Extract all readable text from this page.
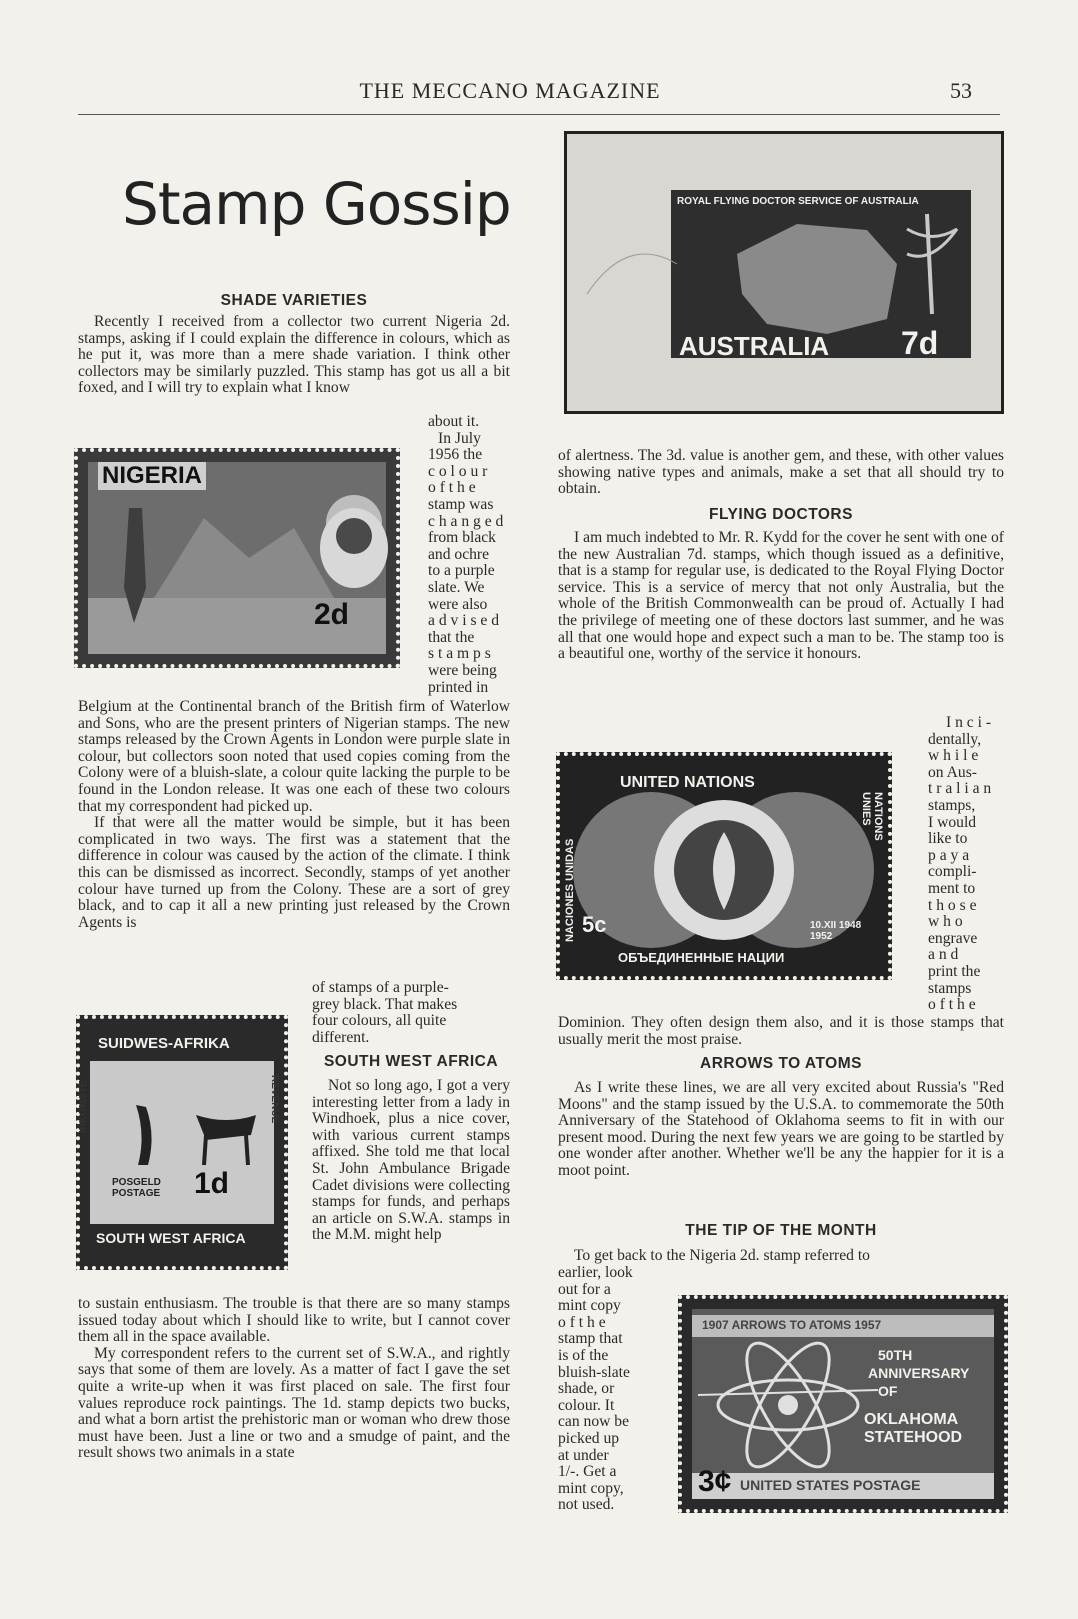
THE MECCANO MAGAZINE	53
Stamp Gossip
SHADE VARIETIES

Recently I received from a collector two current Nigeria 2d. stamps, asking if I could explain the difference in colours, which as he put it, was more than a mere shade variation. I think other collectors may be similarly puzzled. This stamp has got us all a bit foxed, and I will try to explain what I know

about it.
In July
1956 the
c o l o u r
o f t h e
stamp was
c h a n g e d
from black
and ochre
to a purple
slate. We
were also
a d v i s e d
that the
s t a m p s
were being
printed in
NIGERIA
2d

Belgium at the Continental branch of the British firm of Waterlow and Sons, who are the present printers of Nigerian stamps. The new stamps released by the Crown Agents in London were purple slate in colour, but collectors soon noted that used copies coming from the Colony were of a bluish-slate, a colour quite lacking the purple to be found in the London release. It was one each of these two colours that my correspondent had picked up.

If that were all the matter would be simple, but it has been complicated in two ways. The first was a statement that the difference in colour was caused by the action of the climate. I think this can be dismissed as incorrect. Secondly, stamps of yet another colour have turned up from the Colony. These are a sort of grey black, and to cap it all a new printing just released by the Crown Agents is

of stamps of a purple-
grey black. That makes
four colours, all quite
different.
SUIDWES-AFRIKA
SOUTH WEST AFRICA
POSGELD POSTAGE	1d
INKOMSTE	REVENUE
SOUTH WEST AFRICA

Not so long ago, I got a very interesting letter from a lady in Windhoek, plus a nice cover, with various current stamps affixed. She told me that local St. John Ambulance Brigade Cadet divisions were collecting stamps for funds, and perhaps an article on S.W.A. stamps in the M.M. might help

to sustain enthusiasm. The trouble is that there are so many stamps issued today about which I should like to write, but I cannot cover them all in the space available.

My correspondent refers to the current set of S.W.A., and rightly says that some of them are lovely. As a matter of fact I gave the set quite a write-up when it was first placed on sale. The first four values reproduce rock paintings. The 1d. stamp depicts two bucks, and what a born artist the prehistoric man or woman who drew those must have been. Just a line or two and a smudge of paint, and the result shows two animals in a state

ROYAL FLYING DOCTOR SERVICE OF AUSTRALIA
AUSTRALIA 7d

of alertness. The 3d. value is another gem, and these, with other values showing native types and animals, make a set that all should try to obtain.

FLYING DOCTORS

I am much indebted to Mr. R. Kydd for the cover he sent with one of the new Australian 7d. stamps, which though issued as a definitive, that is a stamp for regular use, is dedicated to the Royal Flying Doctor service. This is a service of mercy that not only Australia, but the whole of the British Commonwealth can be proud of. Actually I had the privilege of meeting one of these doctors last summer, and he was all that one would hope and expect such a man to be. The stamp too is a beautiful one, worthy of the service it honours.

UNITED NATIONS
ОБЪЕДИНЕННЫЕ НАЦИИ
5c	10.XII 1948 1952
NACIONES UNIDAS
NATIONS UNIES
I n c i -
dentally,
w h i l e
on Aus-
t r a l i a n
stamps,
I would
like to
p a y a
compli-
ment to
t h o s e
w h o
engrave
a n d
print the
stamps
o f t h e

Dominion. They often design them also, and it is those stamps that usually merit the most praise.

ARROWS TO ATOMS

As I write these lines, we are all very excited about Russia's "Red Moons" and the stamp issued by the U.S.A. to commemorate the 50th Anniversary of the Statehood of Oklahoma seems to fit in with our present mood. During the next few years we are going to be startled by one wonder after another. Whether we'll be any the happier for it is a moot point.

THE TIP OF THE MONTH

To get back to the Nigeria 2d. stamp referred to

earlier, look
out for a
mint copy
o f t h e
stamp that
is of the
bluish-slate
shade, or
colour. It
can now be
picked up
at under
1/-. Get a
mint copy,
not used.
1907 ARROWS TO ATOMS 1957
50TH
ANNIVERSARY
OF
OKLAHOMA
STATEHOOD
3¢ UNITED STATES POSTAGE
